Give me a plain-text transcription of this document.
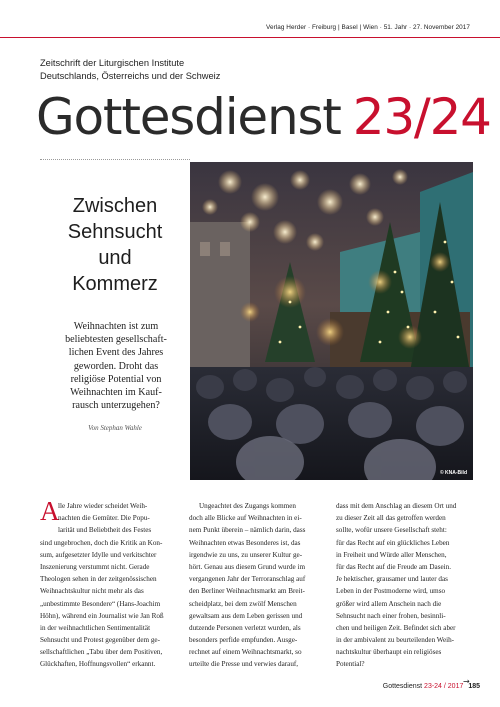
Verlag Herder · Freiburg | Basel | Wien · 51. Jahr · 27. November 2017
Zeitschrift der Liturgischen Institute
Deutschlands, Österreichs und der Schweiz
Gottesdienst 23/24
Zwischen
Sehnsucht
und
Kommerz
Weihnachten ist zum
beliebtesten gesellschaft-
lichen Event des Jahres
geworden. Droht das
religiöse Potential von
Weihnachten im Kauf-
rausch unterzugehen?
Von Stephan Wahle
© KNA-Bild
A
lle Jahre wieder scheidet Weih-
nachten die Gemüter. Die Popu-
larität und Beliebtheit des Festes
sind ungebrochen, doch die Kritik an Kon-
sum, aufgesetzter Idylle und verkitschter
Inszenierung verstummt nicht. Gerade
Theologen sehen in der zeitgenössischen
Weihnachtskultur nicht mehr als das
„unbestimmte Besondere“ (Hans-Joachim
Höhn), während ein Journalist wie Jan Roß
in der weihnachtlichen Sentimentalität
Sehnsucht und Protest gegenüber dem ge-
sellschaftlichen „Tabu über dem Positiven,
Glückhaften, Hoffnungsvollen“ erkannt.
Ungeachtet des Zugangs kommen
doch alle Blicke auf Weihnachten in ei-
nem Punkt überein – nämlich darin, dass
Weihnachten etwas Besonderes ist, das
irgendwie zu uns, zu unserer Kultur ge-
hört. Genau aus diesem Grund wurde im
vergangenen Jahr der Terroranschlag auf
den Berliner Weihnachtsmarkt am Breit-
scheidplatz, bei dem zwölf Menschen
gewaltsam aus dem Leben gerissen und
dutzende Personen verletzt wurden, als
besonders perfide empfunden. Ausge-
rechnet auf einem Weihnachtsmarkt, so
urteilte die Presse und verwies darauf,
dass mit dem Anschlag an diesem Ort und
zu dieser Zeit all das getroffen werden
sollte, wofür unsere Gesellschaft steht:
für das Recht auf ein glückliches Leben
in Freiheit und Würde aller Menschen,
für das Recht auf die Freude am Dasein.
Je hektischer, grausamer und lauter das
Leben in der Postmoderne wird, umso
größer wird allem Anschein nach die
Sehnsucht nach einer frohen, besinnli-
chen und heiligen Zeit. Befindet sich aber
in der ambivalent zu beurteilenden Weih-
nachtskultur überhaupt ein religiöses
Potential?
→
Gottesdienst 23-24 / 2017 185
